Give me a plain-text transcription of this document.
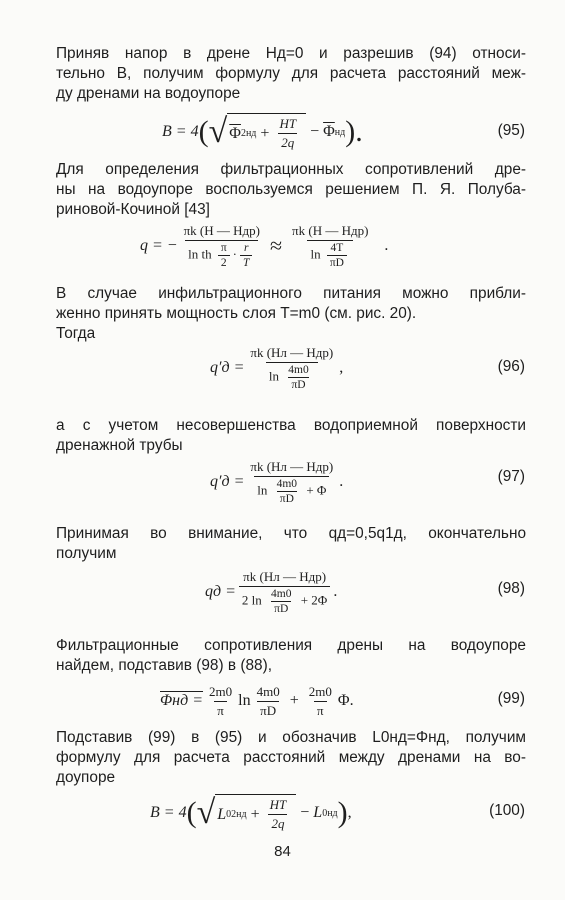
Приняв напор в дрене Hд=0 и разрешив (94) относи-
тельно B, получим формулу для расчета расстояний меж-
ду дренами на водоупоре
B = 4 ( √ Φ 2 нд + $\frac{HT}{2q} - \overline{\Phi}$ нд ).	(95)
Для определения фильтрационных сопротивлений дре-
ны на водоупоре воспользуемся решением П. Я. Полуба-
риновой-Кочиной [43]
q = − $\frac{\text{πk (H — Hдр)}}{\ln th \frac{\pi}{2} \cdot \frac{r}{T}} \approx \frac{\text{πk (H — Hдр)}}{\ln \frac{4T}{\pi D}}$ .
В случае инфильтрационного питания можно прибли-
женно принять мощность слоя T=m0 (см. рис. 20).
Тогда
$q'д = \frac{\text{πk (Hл — Hдр)}}{\ln \frac{4m0}{\pi D}}$ ,	(96)
а с учетом несовершенства водоприемной поверхности
дренажной трубы
$q'д = \frac{\text{πk (Hл — Hдр)}}{\ln \frac{4m0}{\pi D} + \Phi}$ .	(97)
Принимая во внимание, что qд=0,5q1д, окончательно
получим
qд = $\frac{\text{πk (Hл — Hдр)}}{2 \ln \frac{4m0}{\pi D} + 2\Phi}$ .	(98)
Фильтрационные сопротивления дрены на водоупоре
найдем, подставив (98) в (88),
$\Phi нд = \frac{2m0}{\pi}$ $\ln \frac{4m0}{\pi D} + \frac{2m0}{\pi} \Phi$.	(99)
Подставив (99) в (95) и обозначив L0нд=Φнд, получим
формулу для расчета расстояний между дренами на во-
доупоре
B = 4 ( √ L 02 нд + $\frac{HT}{2q} - L$ 0 нд ) ,	(100)
84
